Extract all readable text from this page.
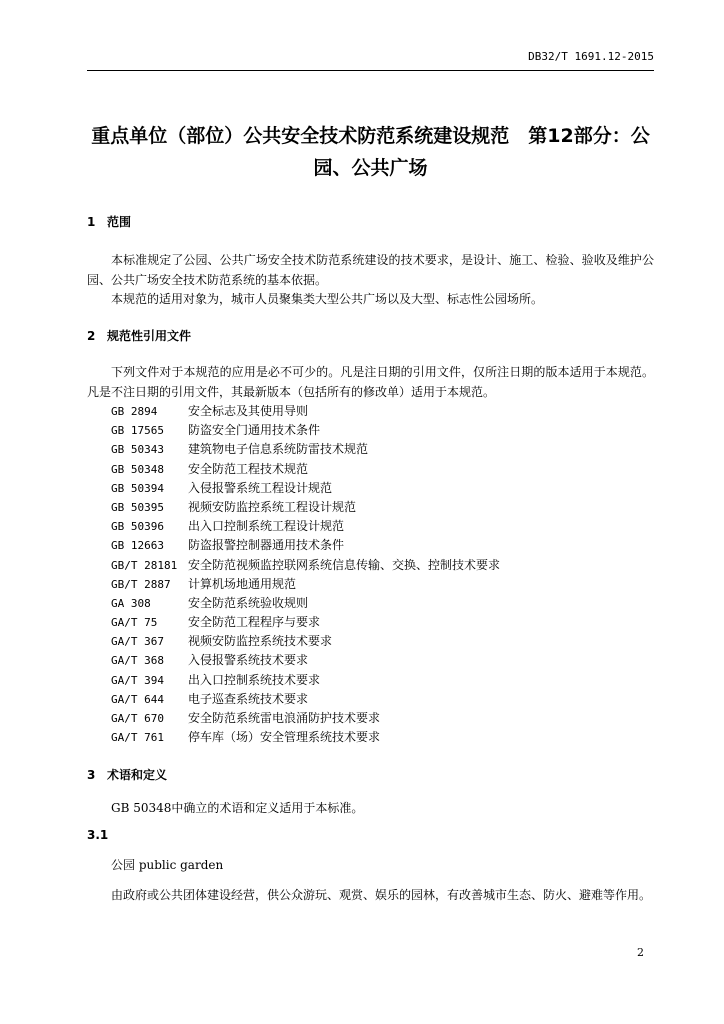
DB32/T 1691.12-2015
重点单位（部位）公共安全技术防范系统建设规范　第12部分：公园、公共广场
1 范围
本标准规定了公园、公共广场安全技术防范系统建设的技术要求，是设计、施工、检验、验收及维护公园、公共广场安全技术防范系统的基本依据。
本规范的适用对象为，城市人员聚集类大型公共广场以及大型、标志性公园场所。
2 规范性引用文件
下列文件对于本规范的应用是必不可少的。凡是注日期的引用文件，仅所注日期的版本适用于本规范。凡是不注日期的引用文件，其最新版本（包括所有的修改单）适用于本规范。
GB 2894	安全标志及其使用导则
GB 17565 防盗安全门通用技术条件
GB 50343 建筑物电子信息系统防雷技术规范
GB 50348 安全防范工程技术规范
GB 50394 入侵报警系统工程设计规范
GB 50395 视频安防监控系统工程设计规范
GB 50396 出入口控制系统工程设计规范
GB 12663 防盗报警控制器通用技术条件
GB/T 28181 安全防范视频监控联网系统信息传输、交换、控制技术要求
GB/T 2887 计算机场地通用规范
GA 308	安全防范系统验收规则
GA/T 75	安全防范工程程序与要求
GA/T 367 视频安防监控系统技术要求
GA/T 368 入侵报警系统技术要求
GA/T 394 出入口控制系统技术要求
GA/T 644 电子巡查系统技术要求
GA/T 670 安全防范系统雷电浪涌防护技术要求
GA/T 761 停车库（场）安全管理系统技术要求
3 术语和定义
GB 50348中确立的术语和定义适用于本标准。
3.1
公园 public garden
由政府或公共团体建设经营，供公众游玩、观赏、娱乐的园林，有改善城市生态、防火、避难等作用。
2
